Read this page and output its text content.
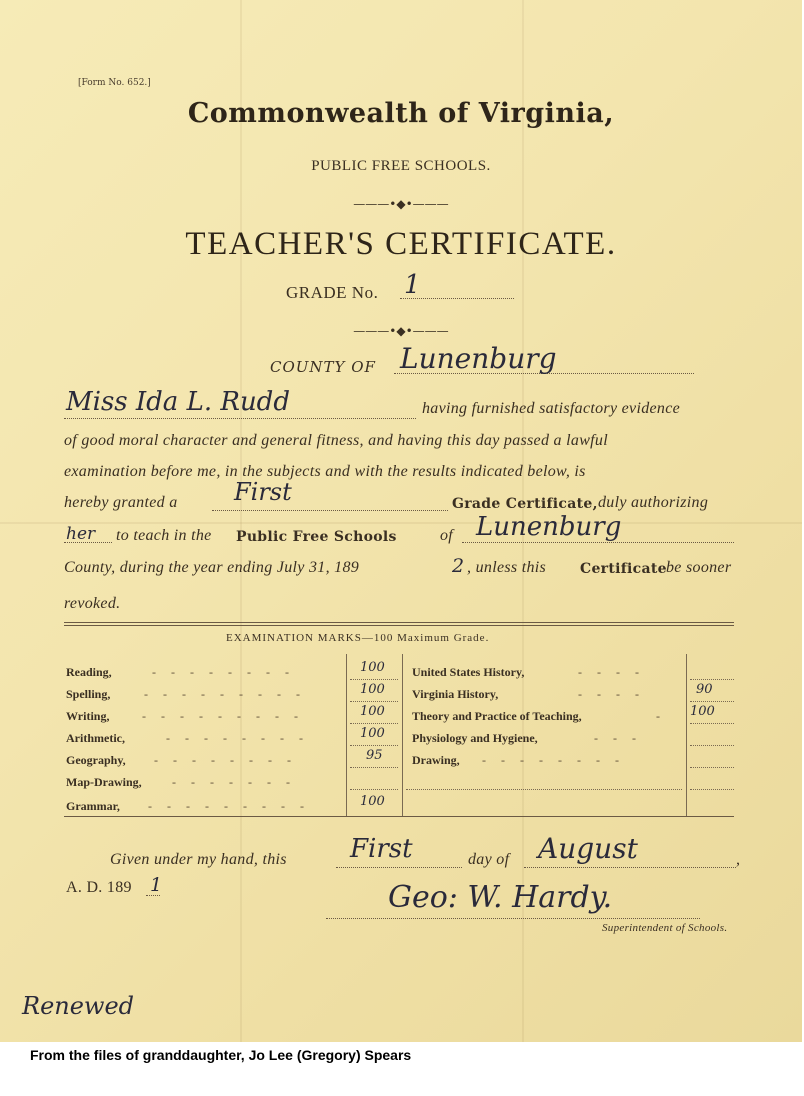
[Form No. 652.]
Commonwealth of Virginia,
PUBLIC FREE SCHOOLS.
———•◆•———
TEACHER'S CERTIFICATE.
GRADE No. 1
———•◆•———
COUNTY OF Lunenburg
Miss Ida L. Rudd	having furnished satisfactory evidence
of good moral character and general fitness, and having this day passed a lawful
examination before me, in the subjects and with the results indicated below, is
hereby granted a First	Grade Certificate, duly authorizing
her to teach in the Public Free Schools	of Lunenburg
County, during the year ending July 31, 189	2 , unless this Certificate be sooner
revoked.
EXAMINATION MARKS—100 Maximum Grade.
Reading,	- - - - - - - -	100
Spelling,	- - - - - - - - -	100
Writing,	- - - - - - - - -	100
Arithmetic,	- - - - - - - -	100
Geography, - - - - - - - -	95
Map-Drawing,	- - - - - - -
Grammar, - - - - - - - - -	100
United States History,	- - - -
Virginia History,	- - - -	90
Theory and Practice of Teaching,	- 100
Physiology and Hygiene,	- - -
Drawing, - - - - - - - -
Given under my hand, this First	day of August	,
A. D. 189 1	Geo: W. Hardy.
Superintendent of Schools.
Renewed
From the files of granddaughter, Jo Lee (Gregory) Spears
